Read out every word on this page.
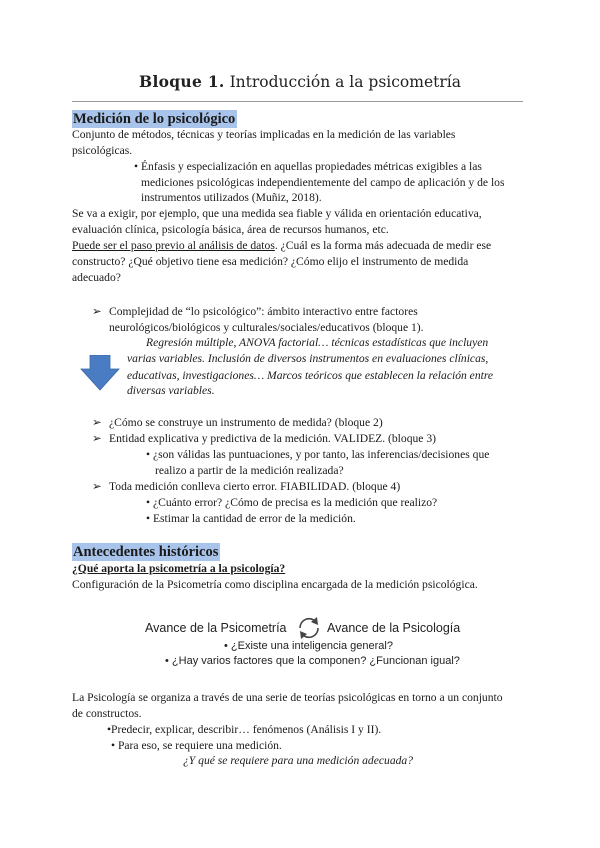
Bloque 1. Introducción a la psicometría
Medición de lo psicológico
Conjunto de métodos, técnicas y teorías implicadas en la medición de las variables
psicológicas.
• Énfasis y especialización en aquellas propiedades métricas exigibles a las
mediciones psicológicas independientemente del campo de aplicación y de los
instrumentos utilizados (Muñiz, 2018).
Se va a exigir, por ejemplo, que una medida sea fiable y válida en orientación educativa,
evaluación clínica, psicología básica, área de recursos humanos, etc.
Puede ser el paso previo al análisis de datos. ¿Cuál es la forma más adecuada de medir ese
constructo? ¿Qué objetivo tiene esa medición? ¿Cómo elijo el instrumento de medida
adecuado?
➢ Complejidad de “lo psicológico”: ámbito interactivo entre factores
neurológicos/biológicos y culturales/sociales/educativos (bloque 1).
Regresión múltiple, ANOVA factorial… técnicas estadísticas que incluyen
varias variables. Inclusión de diversos instrumentos en evaluaciones clínicas,
educativas, investigaciones… Marcos teóricos que establecen la relación entre
diversas variables.
➢ ¿Cómo se construye un instrumento de medida? (bloque 2)
➢ Entidad explicativa y predictiva de la medición. VALIDEZ. (bloque 3)
• ¿son válidas las puntuaciones, y por tanto, las inferencias/decisiones que
realizo a partir de la medición realizada?
➢ Toda medición conlleva cierto error. FIABILIDAD. (bloque 4)
• ¿Cuánto error? ¿Cómo de precisa es la medición que realizo?
• Estimar la cantidad de error de la medición.
Antecedentes históricos
¿Qué aporta la psicometría a la psicología?
Configuración de la Psicometría como disciplina encargada de la medición psicológica.
Avance de la Psicometría	Avance de la Psicología
• ¿Existe una inteligencia general?
• ¿Hay varios factores que la componen? ¿Funcionan igual?
La Psicología se organiza a través de una serie de teorías psicológicas en torno a un conjunto
de constructos.
•Predecir, explicar, describir… fenómenos (Análisis I y II).
• Para eso, se requiere una medición.
¿Y qué se requiere para una medición adecuada?
